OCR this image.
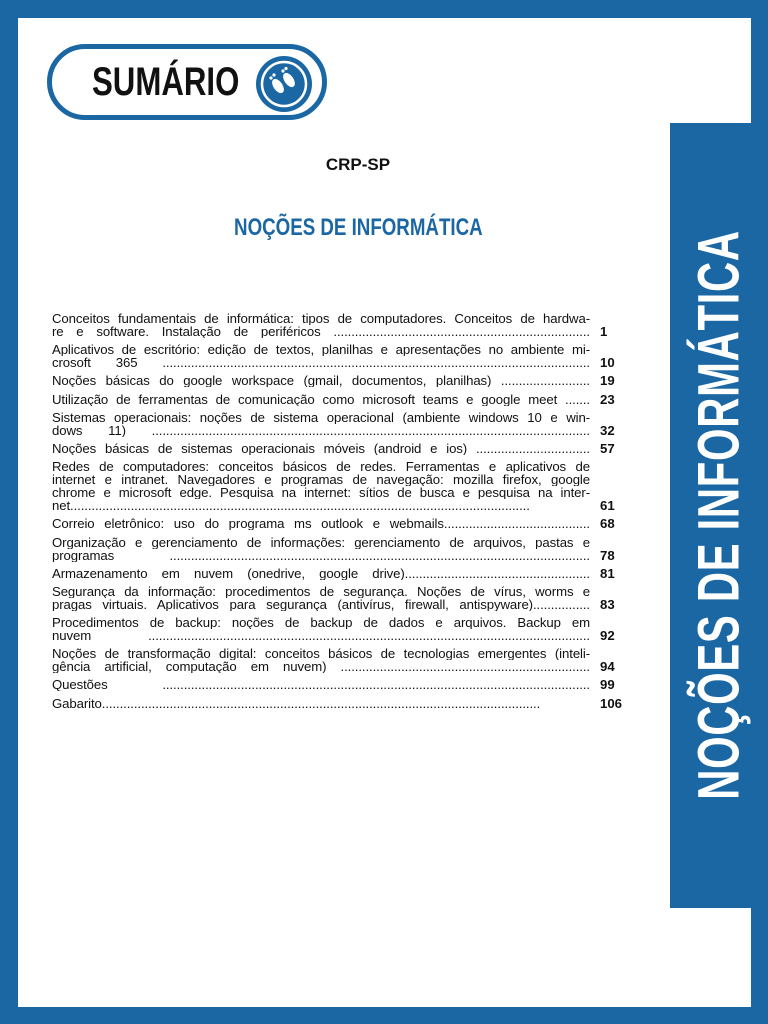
SUMÁRIO
NOÇÕES DE INFORMÁTICA
CRP-SP
NOÇÕES DE INFORMÁTICA
Conceitos fundamentais de informática: tipos de computadores. Conceitos de hardwa-
re e software. Instalação de periféricos ........................................................................ 1
Aplicativos de escritório: edição de textos, planilhas e apresentações no ambiente mi-
crosoft 365 ........................................................................................................................ 10
Noções básicas do google workspace (gmail, documentos, planilhas) ......................... 19
Utilização de ferramentas de comunicação como microsoft teams e google meet ....... 23
Sistemas operacionais: noções de sistema operacional (ambiente windows 10 e win-
dows 11) ........................................................................................................................... 32
Noções básicas de sistemas operacionais móveis (android e ios) ................................ 57
Redes de computadores: conceitos básicos de redes. Ferramentas e aplicativos de
internet e intranet. Navegadores e programas de navegação: mozilla firefox, google
chrome e microsoft edge. Pesquisa na internet: sítios de busca e pesquisa na inter-
net.................................................................................................................................	61
Correio eletrônico: uso do programa ms outlook e webmails......................................... 68
Organização e gerenciamento de informações: gerenciamento de arquivos, pastas e
programas ...................................................................................................................... 78
Armazenamento em nuvem (onedrive, google drive).................................................... 81
Segurança da informação: procedimentos de segurança. Noções de vírus, worms e
pragas virtuais. Aplicativos para segurança (antivírus, firewall, antispyware)................ 83
Procedimentos de backup: noções de backup de dados e arquivos. Backup em
nuvem ............................................................................................................................ 92
Noções de transformação digital: conceitos básicos de tecnologias emergentes (inteli-
gência artificial, computação em nuvem) ...................................................................... 94
Questões ........................................................................................................................ 99
Gabarito...........................................................................................................................	106
